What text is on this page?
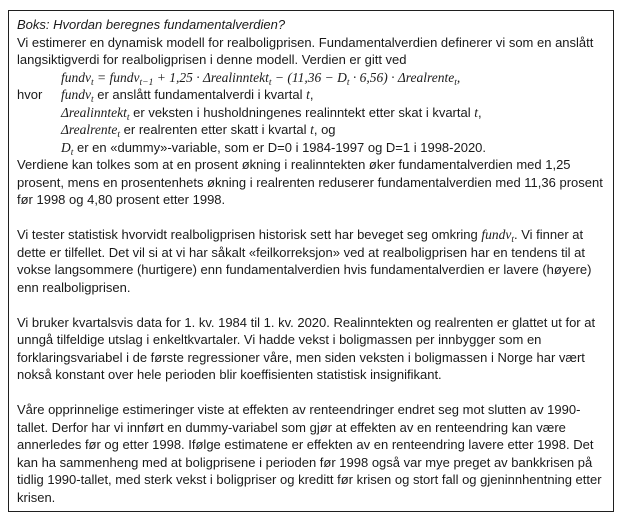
Boks: Hvordan beregnes fundamentalverdien?

Vi estimerer en dynamisk modell for realboligprisen. Fundamentalverdien definerer vi som en anslått langsiktigverdi for realboligprisen i denne modell. Verdien er gitt ved

fundv$_t$ = fundv$_{t-1}$ + 1,25 · Δrealinntekt$_t$ − $(11,36 - D_t \cdot 6,56)$ · Δrealrente$_t$,
hvor	fundv$_t$ er anslått fundamentalverdi i kvartal t,
Δrealinntekt$_t$ er veksten i husholdningenes realinntekt etter skat i kvartal t,
Δrealrente$_t$ er realrenten etter skatt i kvartal t, og
$D_t$ er en «dummy»-variable, som er D=0 i 1984-1997 og D=1 i 1998-2020.

Verdiene kan tolkes som at en prosent økning i realinntekten øker fundamentalverdien med 1,25 prosent, mens en prosentenhets økning i realrenten reduserer fundamentalverdien med 11,36 prosent før 1998 og 4,80 prosent etter 1998.

Vi tester statistisk hvorvidt realboligprisen historisk sett har beveget seg omkring fundv$_t$. Vi finner at dette er tilfellet. Det vil si at vi har såkalt «feilkorreksjon» ved at realboligprisen har en tendens til at vokse langsommere (hurtigere) enn fundamentalverdien hvis fundamentalverdien er lavere (høyere) enn realboligprisen.

Vi bruker kvartalsvis data for 1. kv. 1984 til 1. kv. 2020. Realinntekten og realrenten er glattet ut for at unngå tilfeldige utslag i enkeltkvartaler. Vi hadde vekst i boligmassen per innbygger som en forklaringsvariabel i de første regressioner våre, men siden veksten i boligmassen i Norge har vært nokså konstant over hele perioden blir koeffisienten statistisk insignifikant.

Våre opprinnelige estimeringer viste at effekten av renteendringer endret seg mot slutten av 1990-tallet. Derfor har vi innført en dummy-variabel som gjør at effekten av en renteendring kan være annerledes før og etter 1998. Ifølge estimatene er effekten av en renteendring lavere etter 1998. Det kan ha sammenheng med at boligprisene i perioden før 1998 også var mye preget av bankkrisen på tidlig 1990-tallet, med sterk vekst i boligpriser og kreditt før krisen og stort fall og gjeninnhentning etter krisen.
